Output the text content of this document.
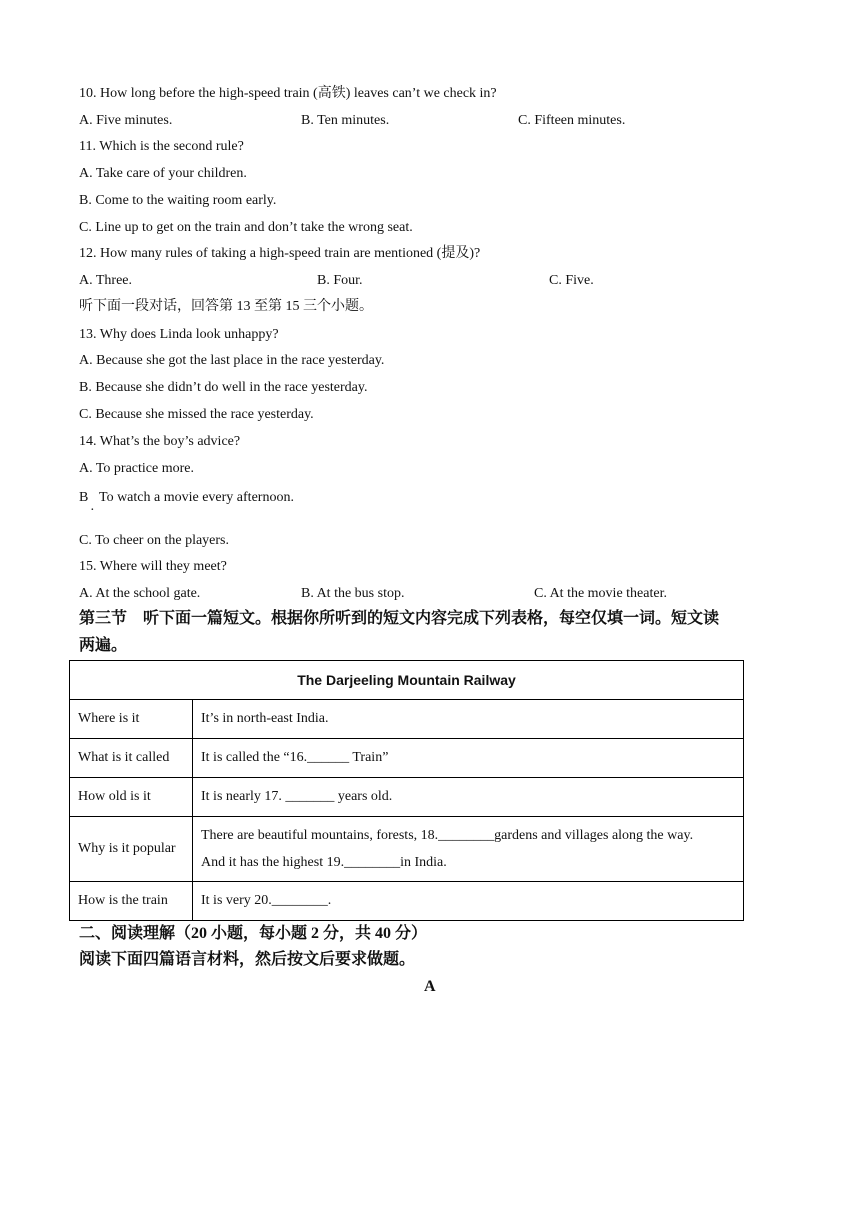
10. How long before the high-speed train (高铁) leaves can’t we check in?
A. Five minutes.	B. Ten minutes.	C. Fifteen minutes.
11. Which is the second rule?
A. Take care of your children.
B. Come to the waiting room early.
C. Line up to get on the train and don’t take the wrong seat.
12. How many rules of taking a high-speed train are mentioned (提及)?
A. Three.	B. Four.	C. Five.
听下面一段对话，回答第 13 至第 15 三个小题。
13. Why does Linda look unhappy?
A. Because she got the last place in the race yesterday.
B. Because she didn’t do well in the race yesterday.
C. Because she missed the race yesterday.
14. What’s the boy’s advice?
A. To practice more.
B To watch a movie every afternoon.
·
C. To cheer on the players.
15. Where will they meet?
A. At the school gate.	B. At the bus stop.	C. At the movie theater.
第三节　听下面一篇短文。根据你所听到的短文内容完成下列表格，每空仅填一词。短文读
两遍。
The Darjeeling Mountain Railway	
Where is it	It’s in north-east India.
What is it called	It is called the “16.______ Train”
How old is it	It is nearly 17. _______ years old.
Why is it popular	There are beautiful mountains, forests, 18.________gardens and villages along the way.
And it has the highest 19.________in India.

How is the train	It is very 20.________.
二、阅读理解（20 小题，每小题 2 分，共 40 分）
阅读下面四篇语言材料，然后按文后要求做题。
A
